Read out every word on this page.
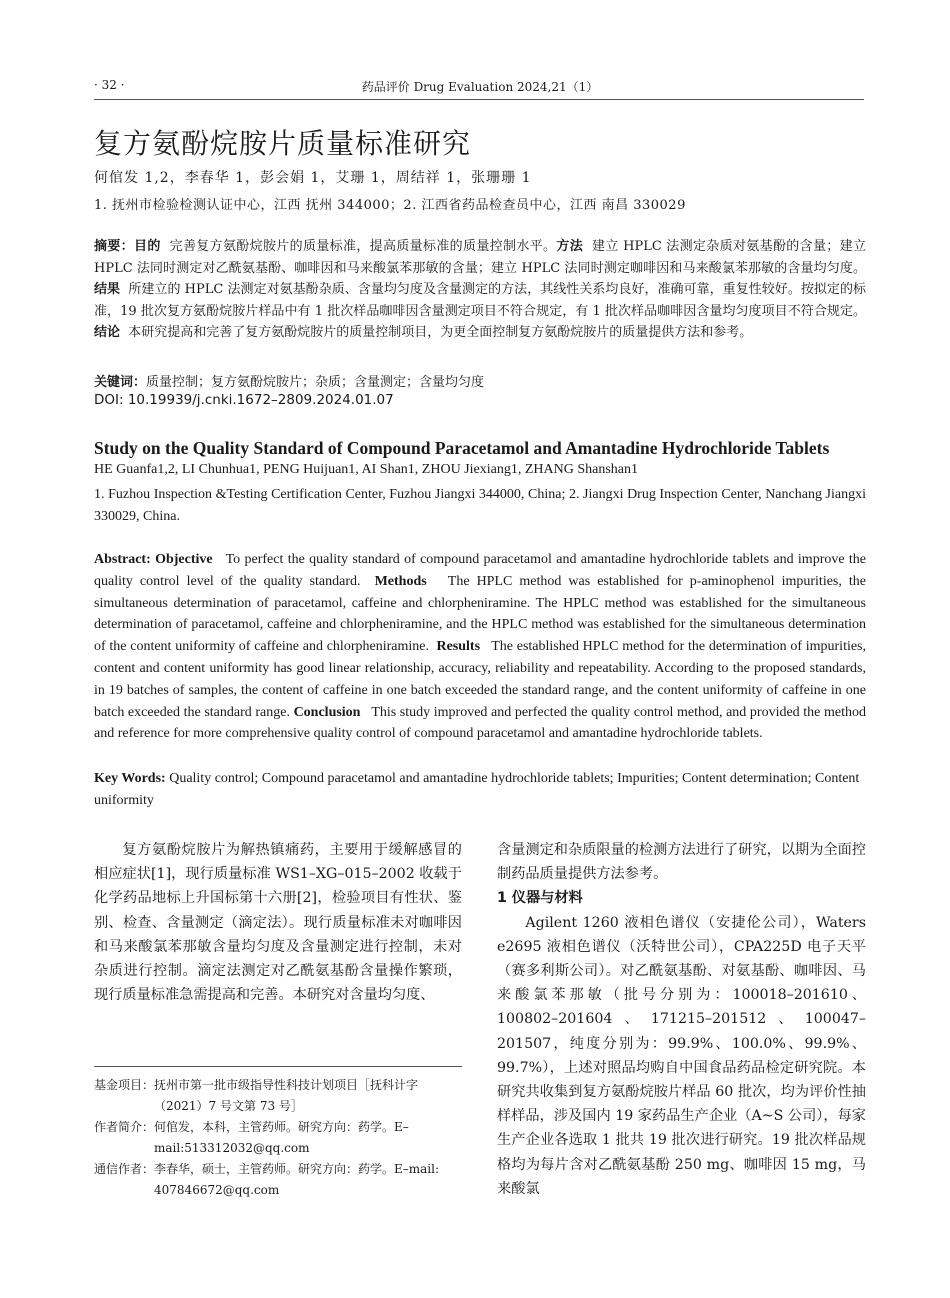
· 32 ·	药品评价 Drug Evaluation 2024,21（1）
复方氨酚烷胺片质量标准研究
何倌发 1,2，李春华 1，彭会娟 1，艾珊 1，周结祥 1，张珊珊 1
1. 抚州市检验检测认证中心，江西 抚州 344000；2. 江西省药品检查员中心，江西 南昌 330029
摘要：目的 完善复方氨酚烷胺片的质量标准，提高质量标准的质量控制水平。方法 建立 HPLC 法测定杂质对氨基酚的含量；建立 HPLC 法同时测定对乙酰氨基酚、咖啡因和马来酸氯苯那敏的含量；建立 HPLC 法同时测定咖啡因和马来酸氯苯那敏的含量均匀度。结果 所建立的 HPLC 法测定对氨基酚杂质、含量均匀度及含量测定的方法，其线性关系均良好，准确可靠，重复性较好。按拟定的标准，19 批次复方氨酚烷胺片样品中有 1 批次样品咖啡因含量测定项目不符合规定，有 1 批次样品咖啡因含量均匀度项目不符合规定。结论 本研究提高和完善了复方氨酚烷胺片的质量控制项目，为更全面控制复方氨酚烷胺片的质量提供方法和参考。
关键词：质量控制；复方氨酚烷胺片；杂质；含量测定；含量均匀度
DOI: 10.19939/j.cnki.1672–2809.2024.01.07
Study on the Quality Standard of Compound Paracetamol and Amantadine Hydrochloride Tablets
HE Guanfa1,2, LI Chunhua1, PENG Huijuan1, AI Shan1, ZHOU Jiexiang1, ZHANG Shanshan1
1. Fuzhou Inspection &Testing Certification Center, Fuzhou Jiangxi 344000, China; 2. Jiangxi Drug Inspection Center, Nanchang Jiangxi 330029, China.
Abstract: Objective To perfect the quality standard of compound paracetamol and amantadine hydrochloride tablets and improve the quality control level of the quality standard. Methods The HPLC method was established for p-aminophenol impurities, the simultaneous determination of paracetamol, caffeine and chlorpheniramine. The HPLC method was established for the simultaneous determination of paracetamol, caffeine and chlorpheniramine, and the HPLC method was established for the simultaneous determination of the content uniformity of caffeine and chlorpheniramine. Results The established HPLC method for the determination of impurities, content and content uniformity has good linear relationship, accuracy, reliability and repeatability. According to the proposed standards, in 19 batches of samples, the content of caffeine in one batch exceeded the standard range, and the content uniformity of caffeine in one batch exceeded the standard range. Conclusion This study improved and perfected the quality control method, and provided the method and reference for more comprehensive quality control of compound paracetamol and amantadine hydrochloride tablets.
Key Words: Quality control; Compound paracetamol and amantadine hydrochloride tablets; Impurities; Content determination; Content uniformity

复方氨酚烷胺片为解热镇痛药，主要用于缓解感冒的相应症状[1]，现行质量标准 WS1–XG–015–2002 收载于化学药品地标上升国标第十六册[2]，检验项目有性状、鉴别、检查、含量测定（滴定法）。现行质量标准未对咖啡因和马来酸氯苯那敏含量均匀度及含量测定进行控制，未对杂质进行控制。滴定法测定对乙酰氨基酚含量操作繁琐，现行质量标准急需提高和完善。本研究对含量均匀度、

基金项目： 抚州市第一批市级指导性科技计划项目［抚科计字（2021）7 号文第 73 号］
作者简介： 何倌发，本科，主管药师。研究方向：药学。E–mail:513312032@qq.com
通信作者： 李春华，硕士，主管药师。研究方向：药学。E–mail: 407846672@qq.com

含量测定和杂质限量的检测方法进行了研究，以期为全面控制药品质量提供方法参考。

1 仪器与材料

Agilent 1260 液相色谱仪（安捷伦公司），Waters e2695 液相色谱仪（沃特世公司），CPA225D 电子天平（赛多利斯公司）。对乙酰氨基酚、对氨基酚、咖啡因、马来酸氯苯那敏（批号分别为：100018–201610、100802–201604、171215–201512、100047–201507，纯度分别为：99.9%、100.0%、99.9%、99.7%），上述对照品均购自中国食品药品检定研究院。本研究共收集到复方氨酚烷胺片样品 60 批次，均为评价性抽样样品，涉及国内 19 家药品生产企业（A~S 公司），每家生产企业各选取 1 批共 19 批次进行研究。19 批次样品规格均为每片含对乙酰氨基酚 250 mg、咖啡因 15 mg，马来酸氯
